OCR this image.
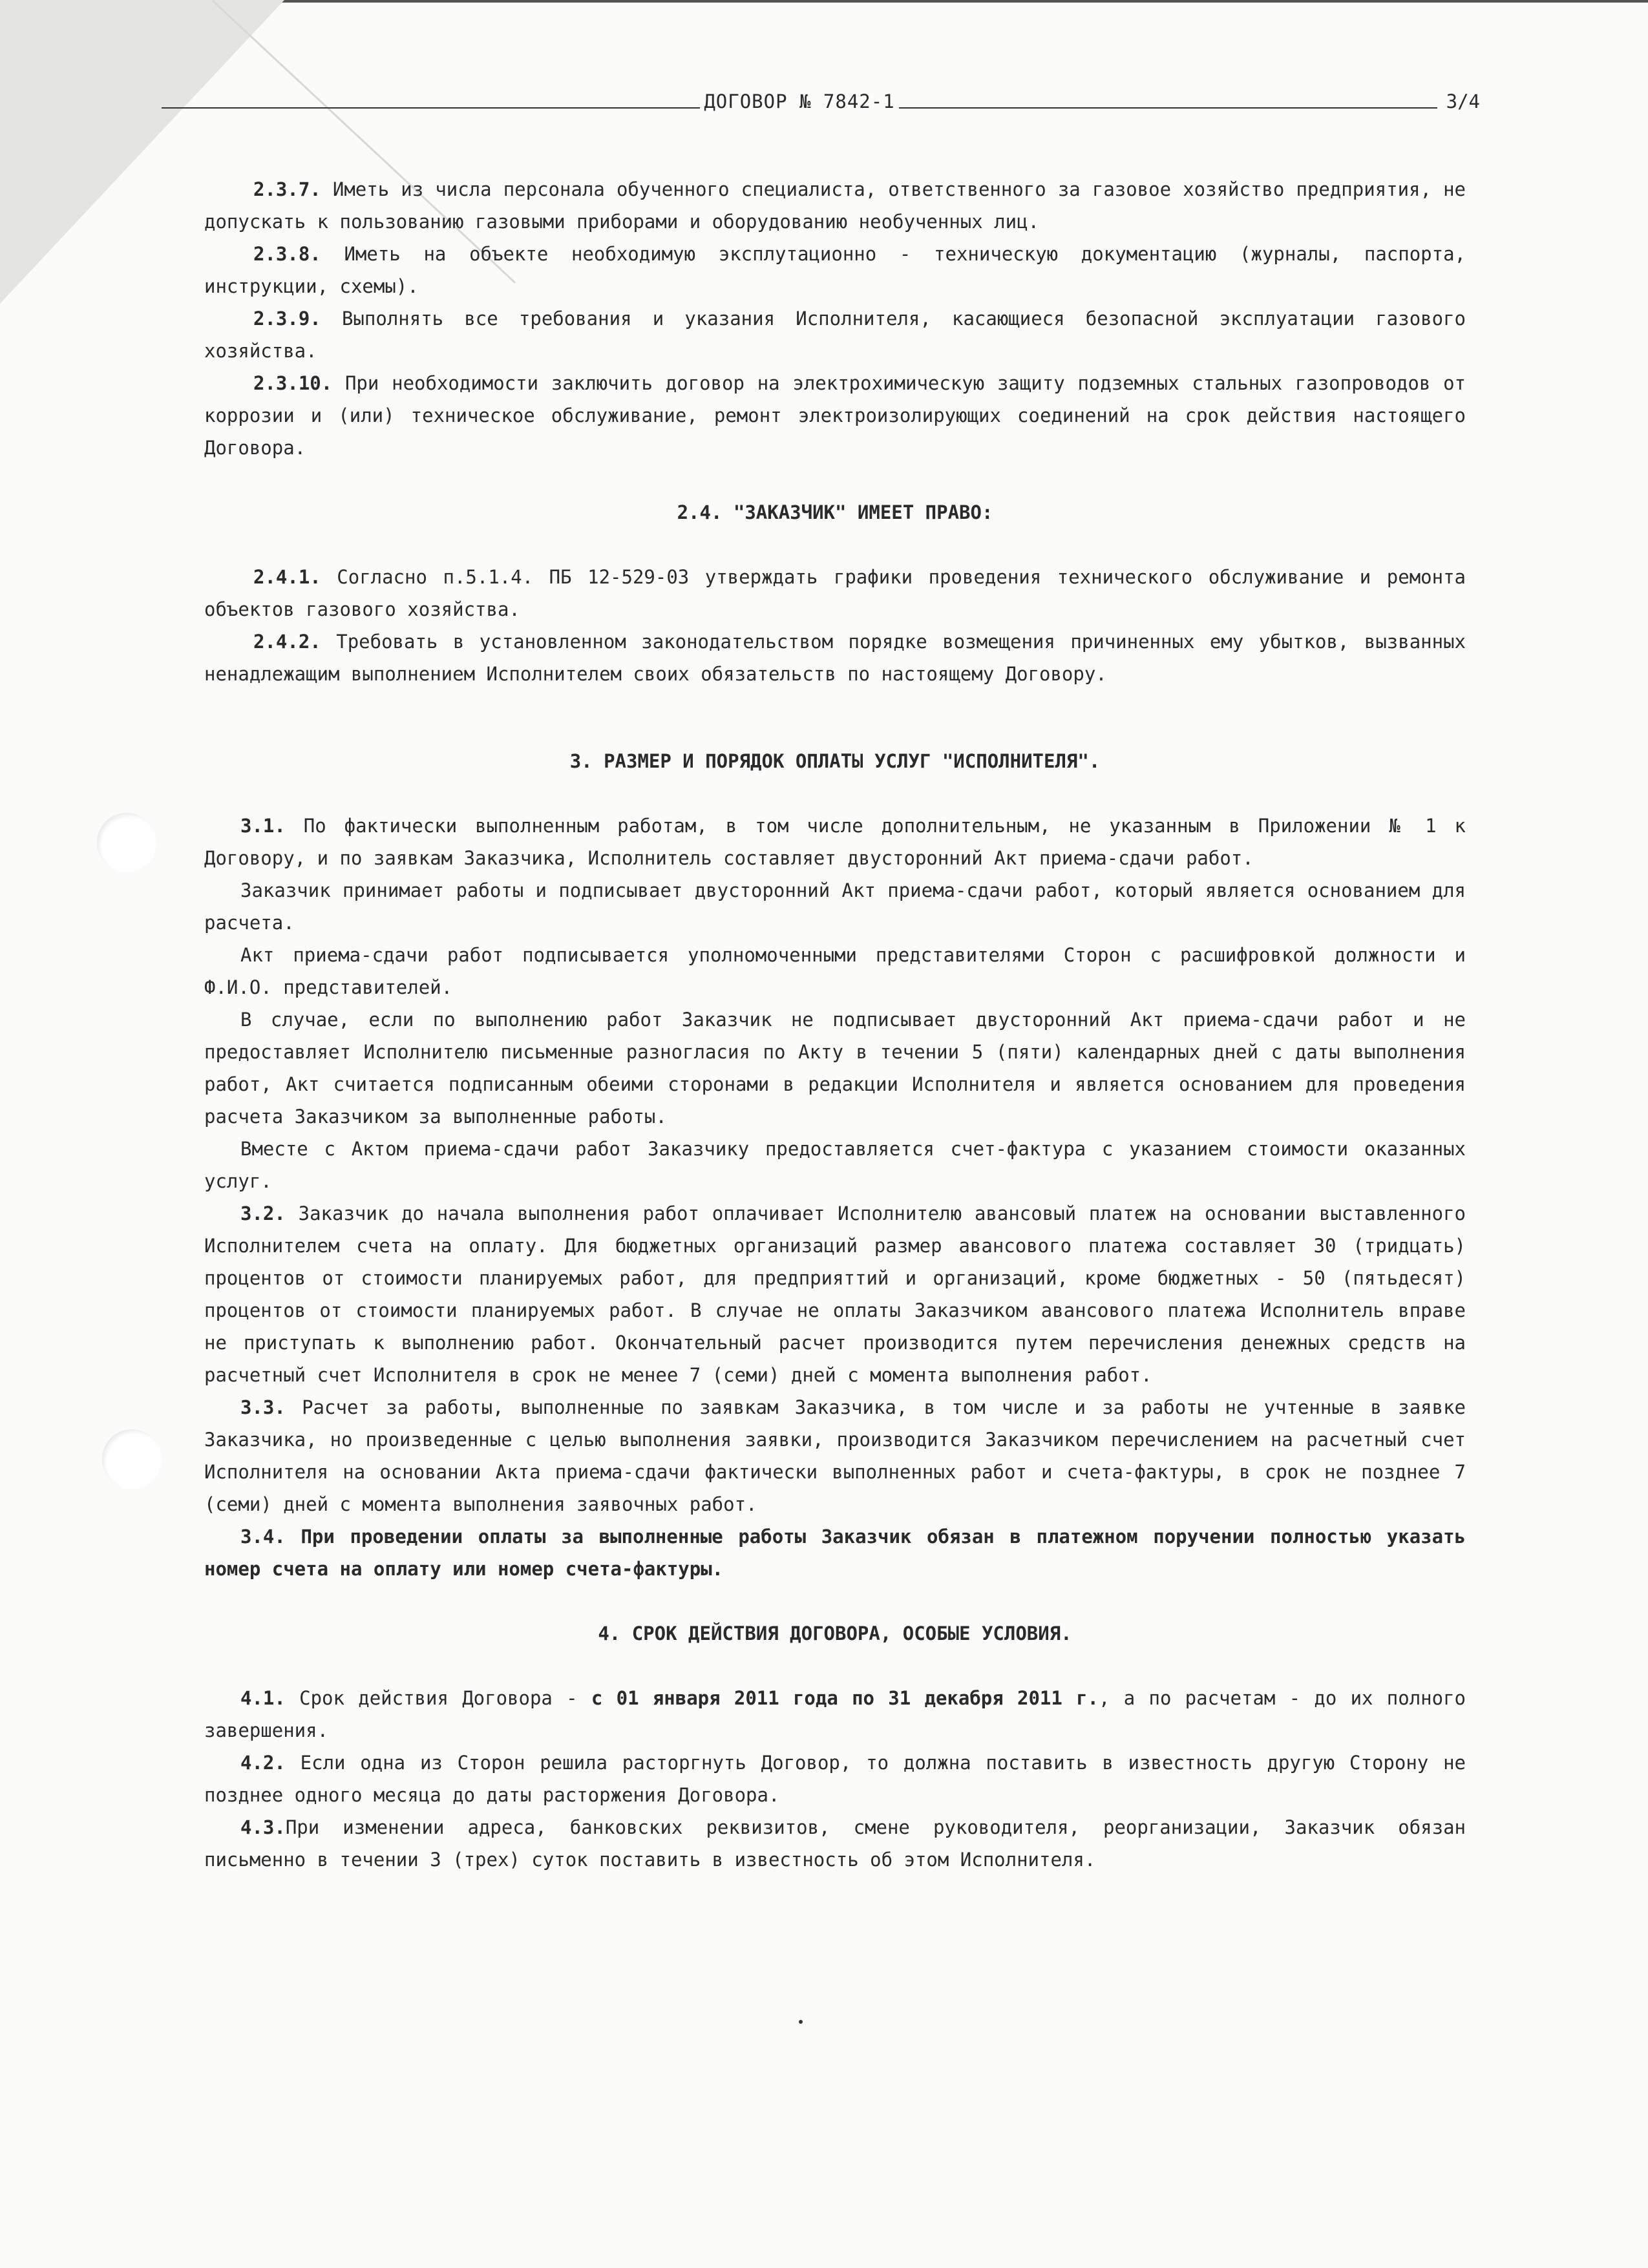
ДОГОВОР № 7842-1	3/4

2.3.7. Иметь из числа персонала обученного специалиста, ответственного за газовое хозяйство предприятия, не допускать к пользованию газовыми приборами и оборудованию необученных лиц.

2.3.8. Иметь на объекте необходимую эксплутационно - техническую документацию (журналы, паспорта, инструкции, схемы).

2.3.9. Выполнять все требования и указания Исполнителя, касающиеся безопасной эксплуатации газового хозяйства.

2.3.10. При необходимости заключить договор на электрохимическую защиту подземных стальных газопроводов от коррозии и (или) техническое обслуживание, ремонт электроизолирующих соединений на срок действия настоящего Договора.

2.4. "ЗАКАЗЧИК" ИМЕЕТ ПРАВО:

2.4.1. Согласно п.5.1.4. ПБ 12-529-03 утверждать графики проведения технического обслуживание и ремонта объектов газового хозяйства.

2.4.2. Требовать в установленном законодательством порядке возмещения причиненных ему убытков, вызванных ненадлежащим выполнением Исполнителем своих обязательств по настоящему Договору.

3. РАЗМЕР И ПОРЯДОК ОПЛАТЫ УСЛУГ "ИСПОЛНИТЕЛЯ".

3.1. По фактически выполненным работам, в том числе дополнительным, не указанным в Приложении № 1 к Договору, и по заявкам Заказчика, Исполнитель составляет двусторонний Акт приема-сдачи работ.

Заказчик принимает работы и подписывает двусторонний Акт приема-сдачи работ, который является основанием для расчета.

Акт приема-сдачи работ подписывается уполномоченными представителями Сторон с расшифровкой должности и Ф.И.О. представителей.

В случае, если по выполнению работ Заказчик не подписывает двусторонний Акт приема-сдачи работ и не предоставляет Исполнителю письменные разногласия по Акту в течении 5 (пяти) календарных дней с даты выполнения работ, Акт считается подписанным обеими сторонами в редакции Исполнителя и является основанием для проведения расчета Заказчиком за выполненные работы.

Вместе с Актом приема-сдачи работ Заказчику предоставляется счет-фактура с указанием стоимости оказанных услуг.

3.2. Заказчик до начала выполнения работ оплачивает Исполнителю авансовый платеж на основании выставленного Исполнителем счета на оплату. Для бюджетных организаций размер авансового платежа составляет 30 (тридцать) процентов от стоимости планируемых работ, для предприяттий и организаций, кроме бюджетных - 50 (пятьдесят) процентов от стоимости планируемых работ. В случае не оплаты Заказчиком авансового платежа Исполнитель вправе не приступать к выполнению работ. Окончательный расчет производится путем перечисления денежных средств на расчетный счет Исполнителя в срок не менее 7 (семи) дней с момента выполнения работ.

3.3. Расчет за работы, выполненные по заявкам Заказчика, в том числе и за работы не учтенные в заявке Заказчика, но произведенные с целью выполнения заявки, производится Заказчиком перечислением на расчетный счет Исполнителя на основании Акта приема-сдачи фактически выполненных работ и счета-фактуры, в срок не позднее 7 (семи) дней с момента выполнения заявочных работ.

3.4. При проведении оплаты за выполненные работы Заказчик обязан в платежном поручении полностью указать номер счета на оплату или номер счета-фактуры.

4. СРОК ДЕЙСТВИЯ ДОГОВОРА, ОСОБЫЕ УСЛОВИЯ.

4.1. Срок действия Договора - с 01 января 2011 года по 31 декабря 2011 г., а по расчетам - до их полного завершения.

4.2. Если одна из Сторон решила расторгнуть Договор, то должна поставить в известность другую Сторону не позднее одного месяца до даты расторжения Договора.

4.3.При изменении адреса, банковских реквизитов, смене руководителя, реорганизации, Заказчик обязан письменно в течении 3 (трех) суток поставить в известность об этом Исполнителя.
